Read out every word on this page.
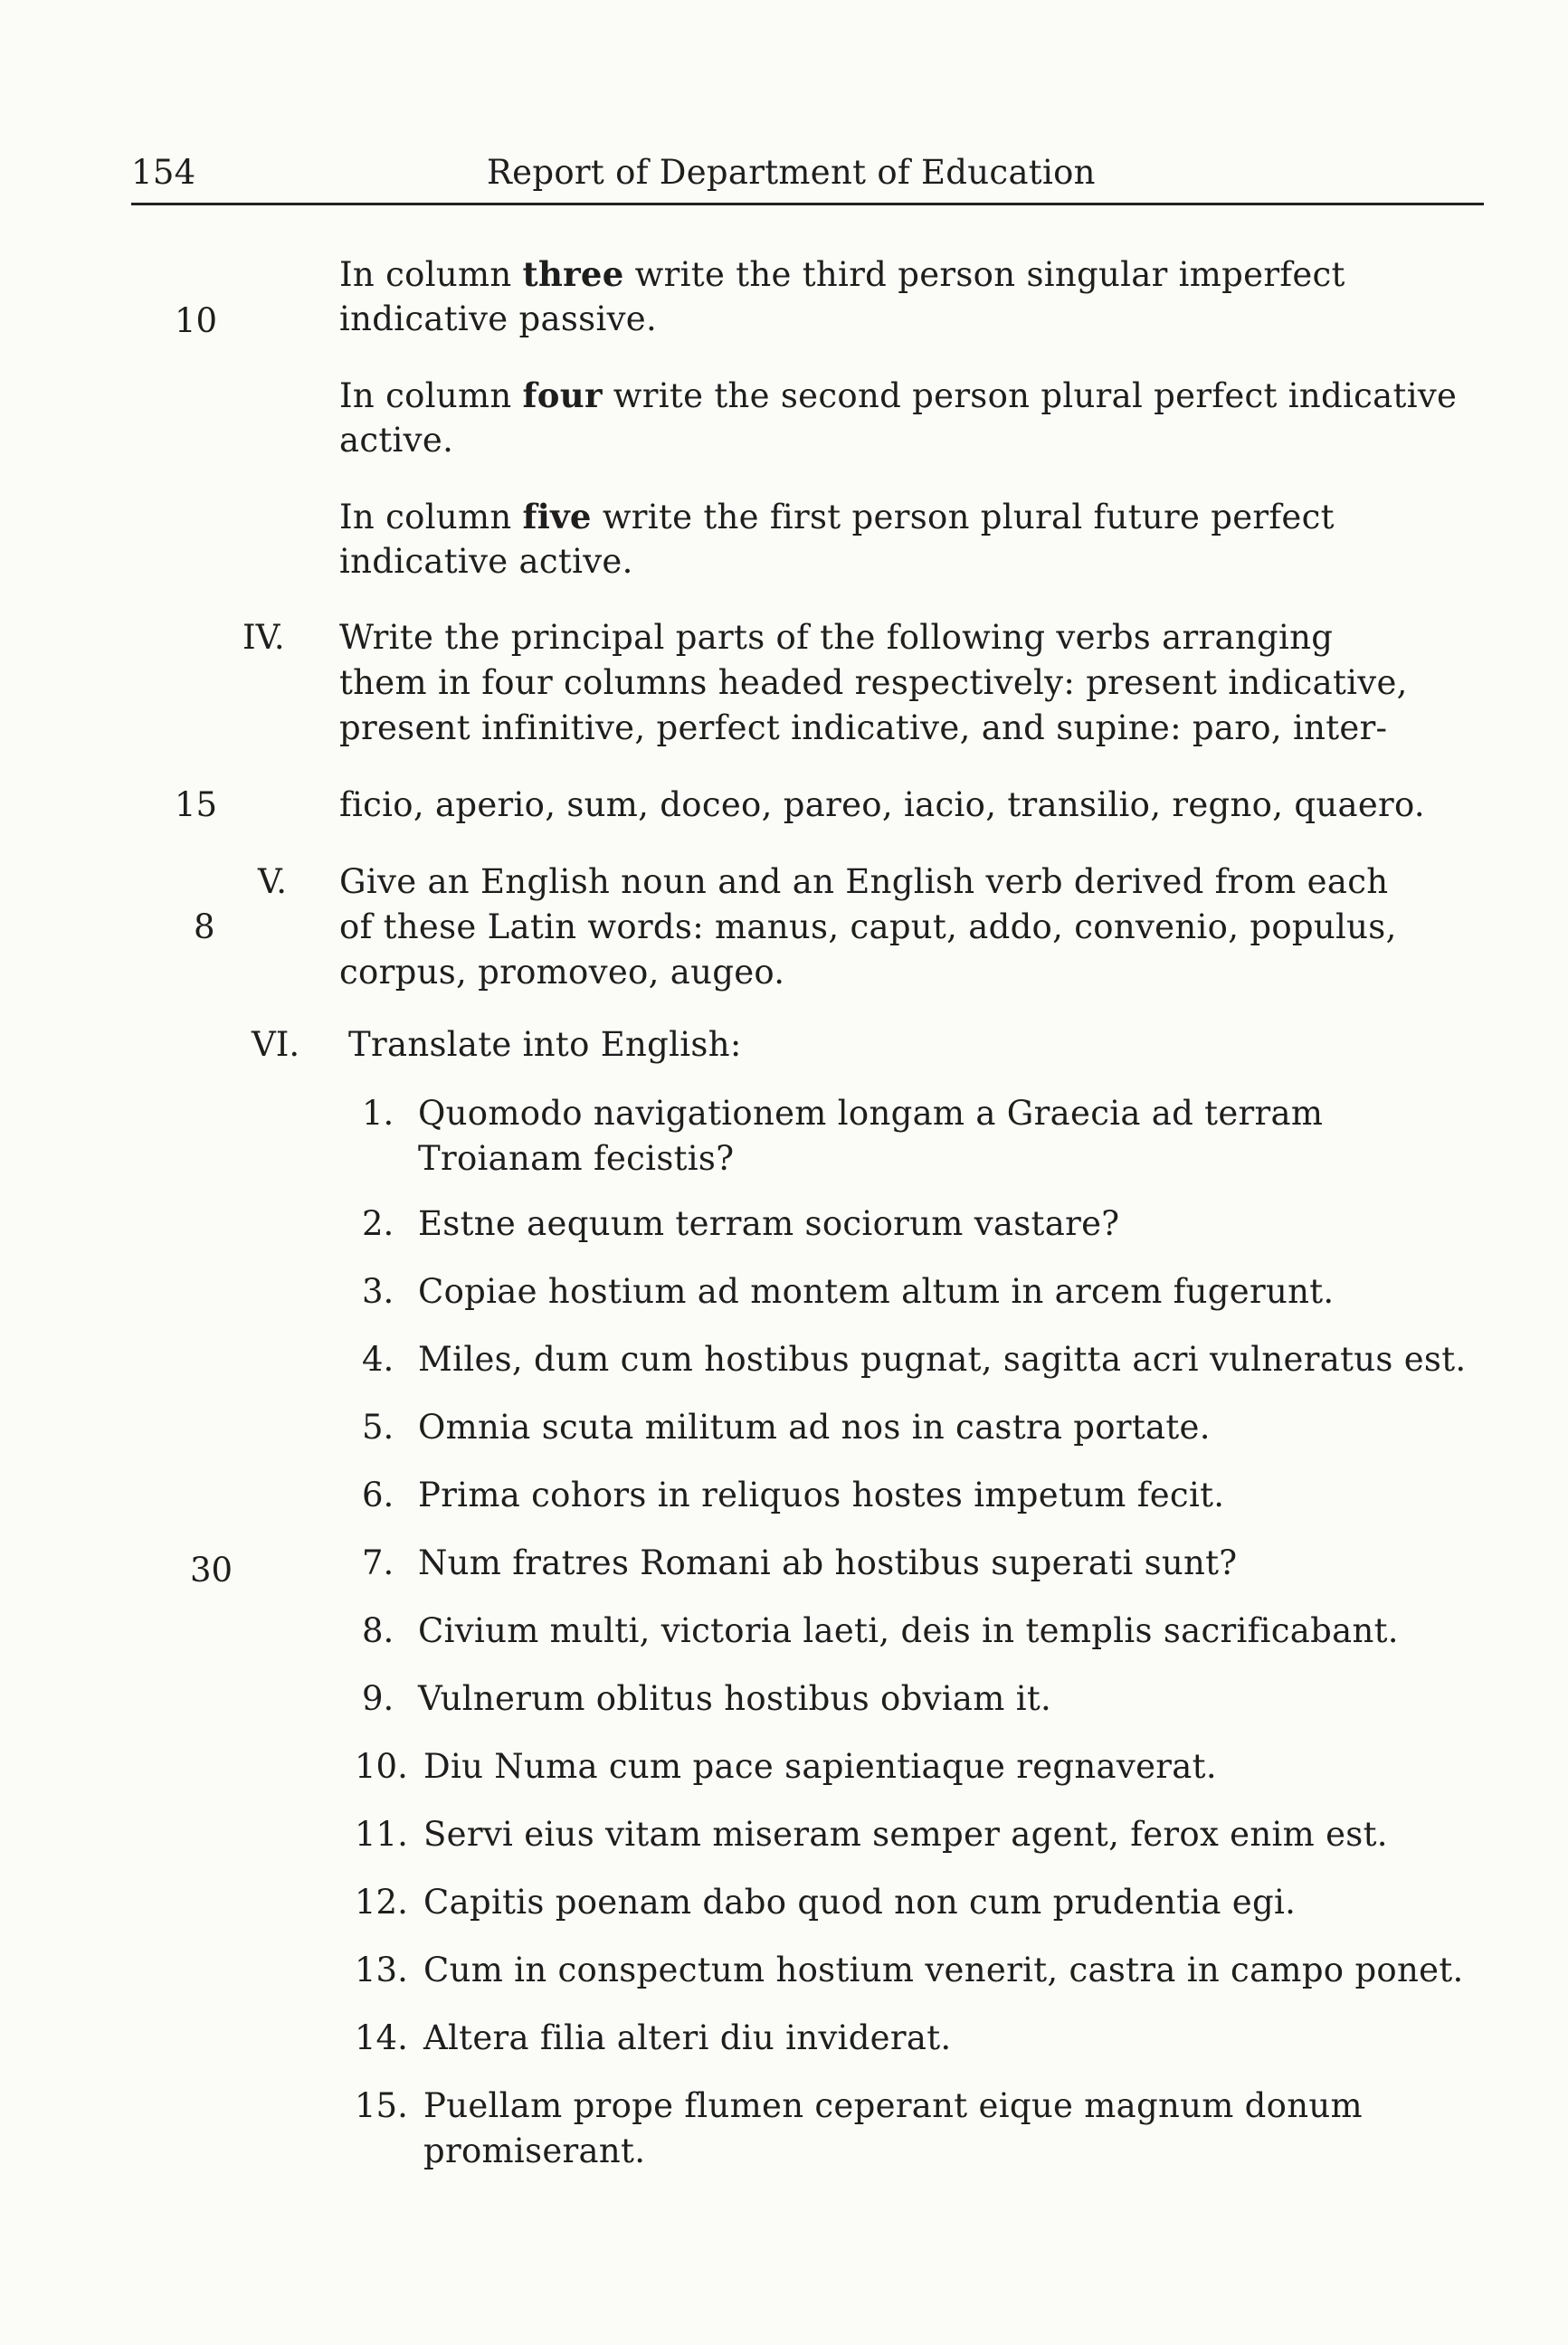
154	Report of Department of Education
10
15
8
30
In column three write the third person singular imperfect
indicative passive.
In column four write the second person plural perfect indicative
active.
In column five write the first person plural future perfect
indicative active.
IV. Write the principal parts of the following verbs arranging
them in four columns headed respectively: present indicative,
present infinitive, perfect indicative, and supine: paro, inter-
ficio, aperio, sum, doceo, pareo, iacio, transilio, regno, quaero.
V. Give an English noun and an English verb derived from each
of these Latin words: manus, caput, addo, convenio, populus,
corpus, promoveo, augeo.
VI. Translate into English:
1. Quomodo navigationem longam a Graecia ad terram
Troianam fecistis?
2. Estne aequum terram sociorum vastare?
3. Copiae hostium ad montem altum in arcem fugerunt.
4. Miles, dum cum hostibus pugnat, sagitta acri vulneratus est.
5. Omnia scuta militum ad nos in castra portate.
6. Prima cohors in reliquos hostes impetum fecit.
7. Num fratres Romani ab hostibus superati sunt?
8. Civium multi, victoria laeti, deis in templis sacrificabant.
9. Vulnerum oblitus hostibus obviam it.
10. Diu Numa cum pace sapientiaque regnaverat.
11. Servi eius vitam miseram semper agent, ferox enim est.
12. Capitis poenam dabo quod non cum prudentia egi.
13. Cum in conspectum hostium venerit, castra in campo ponet.
14. Altera filia alteri diu inviderat.
15. Puellam prope flumen ceperant eique magnum donum
promiserant.
